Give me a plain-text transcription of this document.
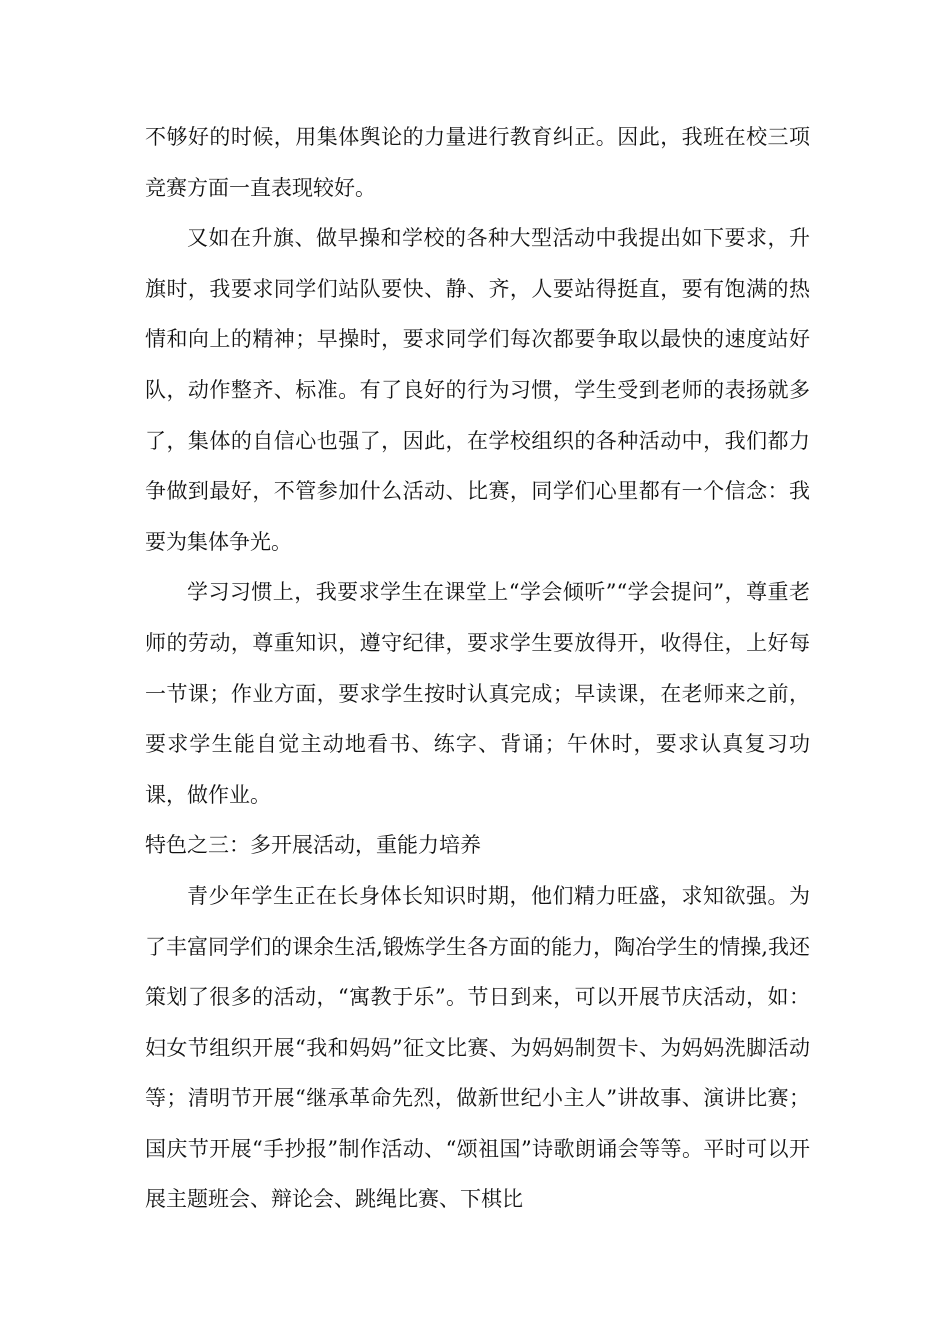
不够好的时候，用集体舆论的力量进行教育纠正。因此，我班在校三项竞赛方面一直表现较好。

又如在升旗、做早操和学校的各种大型活动中我提出如下要求，升旗时，我要求同学们站队要快、静、齐，人要站得挺直，要有饱满的热情和向上的精神；早操时，要求同学们每次都要争取以最快的速度站好队，动作整齐、标准。有了良好的行为习惯，学生受到老师的表扬就多了，集体的自信心也强了，因此，在学校组织的各种活动中，我们都力争做到最好，不管参加什么活动、比赛，同学们心里都有一个信念：我要为集体争光。

学习习惯上，我要求学生在课堂上“学会倾听”“学会提问”，尊重老师的劳动，尊重知识，遵守纪律，要求学生要放得开，收得住，上好每一节课；作业方面，要求学生按时认真完成；早读课，在老师来之前，要求学生能自觉主动地看书、练字、背诵；午休时，要求认真复习功课，做作业。

特色之三：多开展活动，重能力培养

青少年学生正在长身体长知识时期，他们精力旺盛，求知欲强。为了丰富同学们的课余生活,锻炼学生各方面的能力，陶冶学生的情操,我还策划了很多的活动，“寓教于乐”。节日到来，可以开展节庆活动，如：妇女节组织开展“我和妈妈”征文比赛、为妈妈制贺卡、为妈妈洗脚活动等；清明节开展“继承革命先烈，做新世纪小主人”讲故事、演讲比赛；国庆节开展“手抄报”制作活动、“颂祖国”诗歌朗诵会等等。平时可以开展主题班会、辩论会、跳绳比赛、下棋比
